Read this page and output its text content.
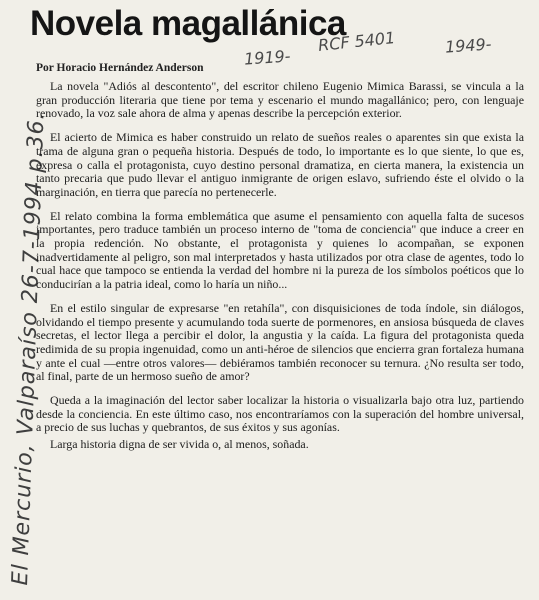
Novela magallánica
Por Horacio Hernández Anderson 1919-
RCF 5401	1949-
El Mercurio, Valparaíso 26-7-1994 p.36.

La novela "Adiós al descontento", del escritor chileno Eugenio Mimica Barassi, se vincula a la gran producción literaria que tiene por tema y escenario el mundo magallánico; pero, con lenguaje renovado, la voz sale ahora de alma y apenas describe la percepción exterior.

El acierto de Mimica es haber construido un relato de sueños reales o aparentes sin que exista la trama de alguna gran o pequeña historia. Después de todo, lo importante es lo que siente, lo que es, expresa o calla el protagonista, cuyo destino personal dramatiza, en cierta manera, la existencia un tanto precaria que pudo llevar el antiguo inmigrante de origen eslavo, sufriendo éste el olvido o la marginación, en tierra que parecía no pertenecerle.

El relato combina la forma emblemática que asume el pensamiento con aquella falta de sucesos importantes, pero traduce también un proceso interno de "toma de conciencia" que induce a creer en la propia redención. No obstante, el protagonista y quienes lo acompañan, se exponen inadvertidamente al peligro, son mal interpretados y hasta utilizados por otra clase de agentes, todo lo cual hace que tampoco se entienda la verdad del hombre ni la pureza de los símbolos poéticos que lo conducirían a la patria ideal, como lo haría un niño...

En el estilo singular de expresarse "en retahíla", con disquisiciones de toda índole, sin diálogos, olvidando el tiempo presente y acumulando toda suerte de pormenores, en ansiosa búsqueda de claves secretas, el lector llega a percibir el dolor, la angustia y la caída. La figura del protagonista queda redimida de su propia ingenuidad, como un anti-héroe de silencios que encierra gran fortaleza humana y ante el cual —entre otros valores— debiéramos también reconocer su ternura. ¿No resulta ser todo, al final, parte de un hermoso sueño de amor?

Queda a la imaginación del lector saber localizar la historia o visualizarla bajo otra luz, partiendo desde la conciencia. En este último caso, nos encontraríamos con la superación del hombre universal, a precio de sus luchas y quebrantos, de sus éxitos y sus agonías.

Larga historia digna de ser vivida o, al menos, soñada.
